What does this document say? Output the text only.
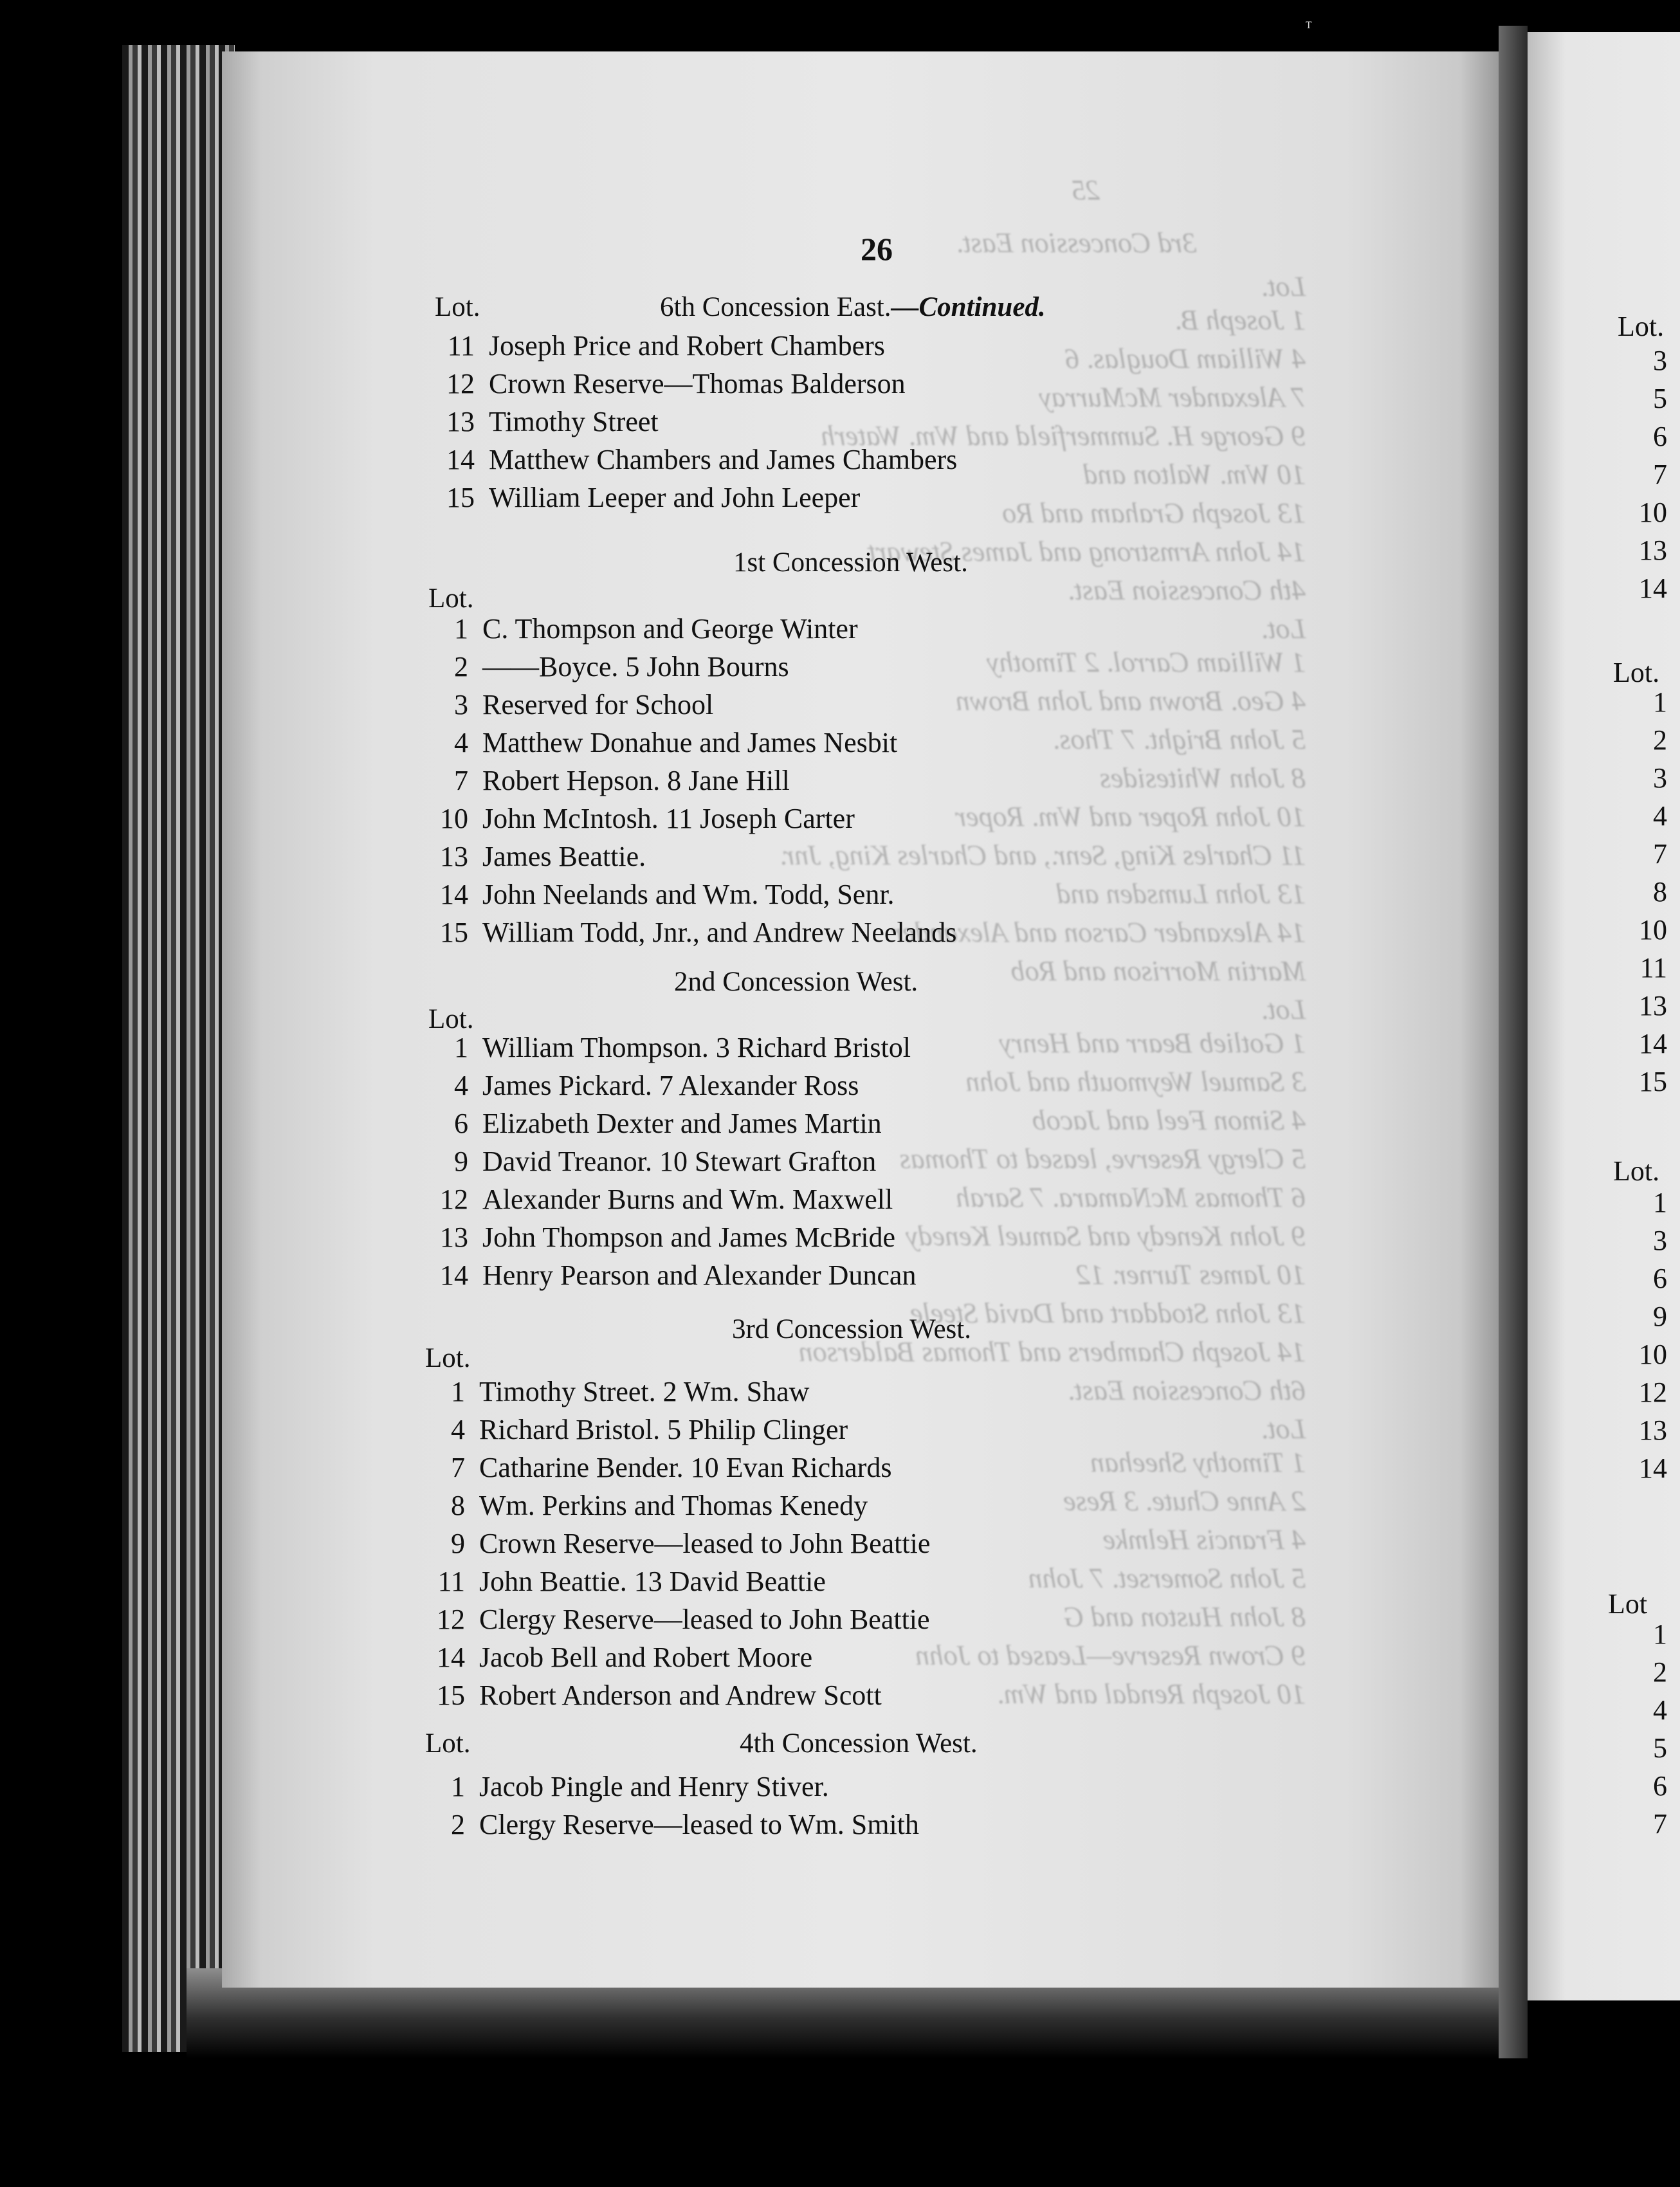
ᵀ
25
3rd Concession East.
Lot.
1 Joseph B.
4 William Douglas. 6
7 Alexander McMurray
9 George H. Summerfield and Wm. Waterh
10 Wm. Walton and
13 Joseph Graham and Ro
14 John Armstrong and James Stewart
4th Concession East.
Lot.
1 William Carrol. 2 Timothy
4 Geo. Brown and John Brown
5 John Bright. 7 Thos.
8 John Whitesides
10 John Roper and Wm. Roper
11 Charles King, Senr., and Charles King, Jnr.
13 John Lumsden and
14 Alexander Carson and Alexander
Martin Morrison and Rob
Lot.
1 Gotlieb Bearr and Henry
3 Samuel Weymouth and John
4 Simon Feel and Jacob
5 Clergy Reserve, leased to Thomas
6 Thomas McNamara. 7 Sarah
9 John Kenedy and Samuel Kenedy
10 James Turner. 12
13 John Stoddart and David Steele
14 Joseph Chambers and Thomas Balderson
6th Concession East.
Lot.
1 Timothy Sheehan
2 Anne Chute. 3 Rese
4 Francis Helmke
5 John Somerset. 7 John
8 John Huston and G
9 Crown Reserve—Leased to John
10 Joseph Rendal and Wm.
26
6th Concession East.—Continued.
Lot.
11 Joseph Price and Robert Chambers
12 Crown Reserve—Thomas Balderson
13 Timothy Street
14 Matthew Chambers and James Chambers
15 William Leeper and John Leeper
1st Concession West.
Lot.
1 C. Thompson and George Winter
2 ——Boyce. 5 John Bourns
3 Reserved for School
4 Matthew Donahue and James Nesbit
7 Robert Hepson. 8 Jane Hill
10 John McIntosh. 11 Joseph Carter
13 James Beattie.
14 John Neelands and Wm. Todd, Senr.
15 William Todd, Jnr., and Andrew Neelands
2nd Concession West.
Lot.
1 William Thompson. 3 Richard Bristol
4 James Pickard. 7 Alexander Ross
6 Elizabeth Dexter and James Martin
9 David Treanor. 10 Stewart Grafton
12 Alexander Burns and Wm. Maxwell
13 John Thompson and James McBride
14 Henry Pearson and Alexander Duncan
3rd Concession West.
Lot.
1 Timothy Street. 2 Wm. Shaw
4 Richard Bristol. 5 Philip Clinger
7 Catharine Bender. 10 Evan Richards
8 Wm. Perkins and Thomas Kenedy
9 Crown Reserve—leased to John Beattie
11 John Beattie. 13 David Beattie
12 Clergy Reserve—leased to John Beattie
14 Jacob Bell and Robert Moore
15 Robert Anderson and Andrew Scott
4th Concession West.
Lot.
1 Jacob Pingle and Henry Stiver.
2 Clergy Reserve—leased to Wm. Smith
Lot.
3
5
6
7
10
13
14
Lot.
1
2
3
4
7
8
10
11
13
14
15
Lot.
1
3
6
9
10
12
13
14
Lot
1
2
4
5
6
7
